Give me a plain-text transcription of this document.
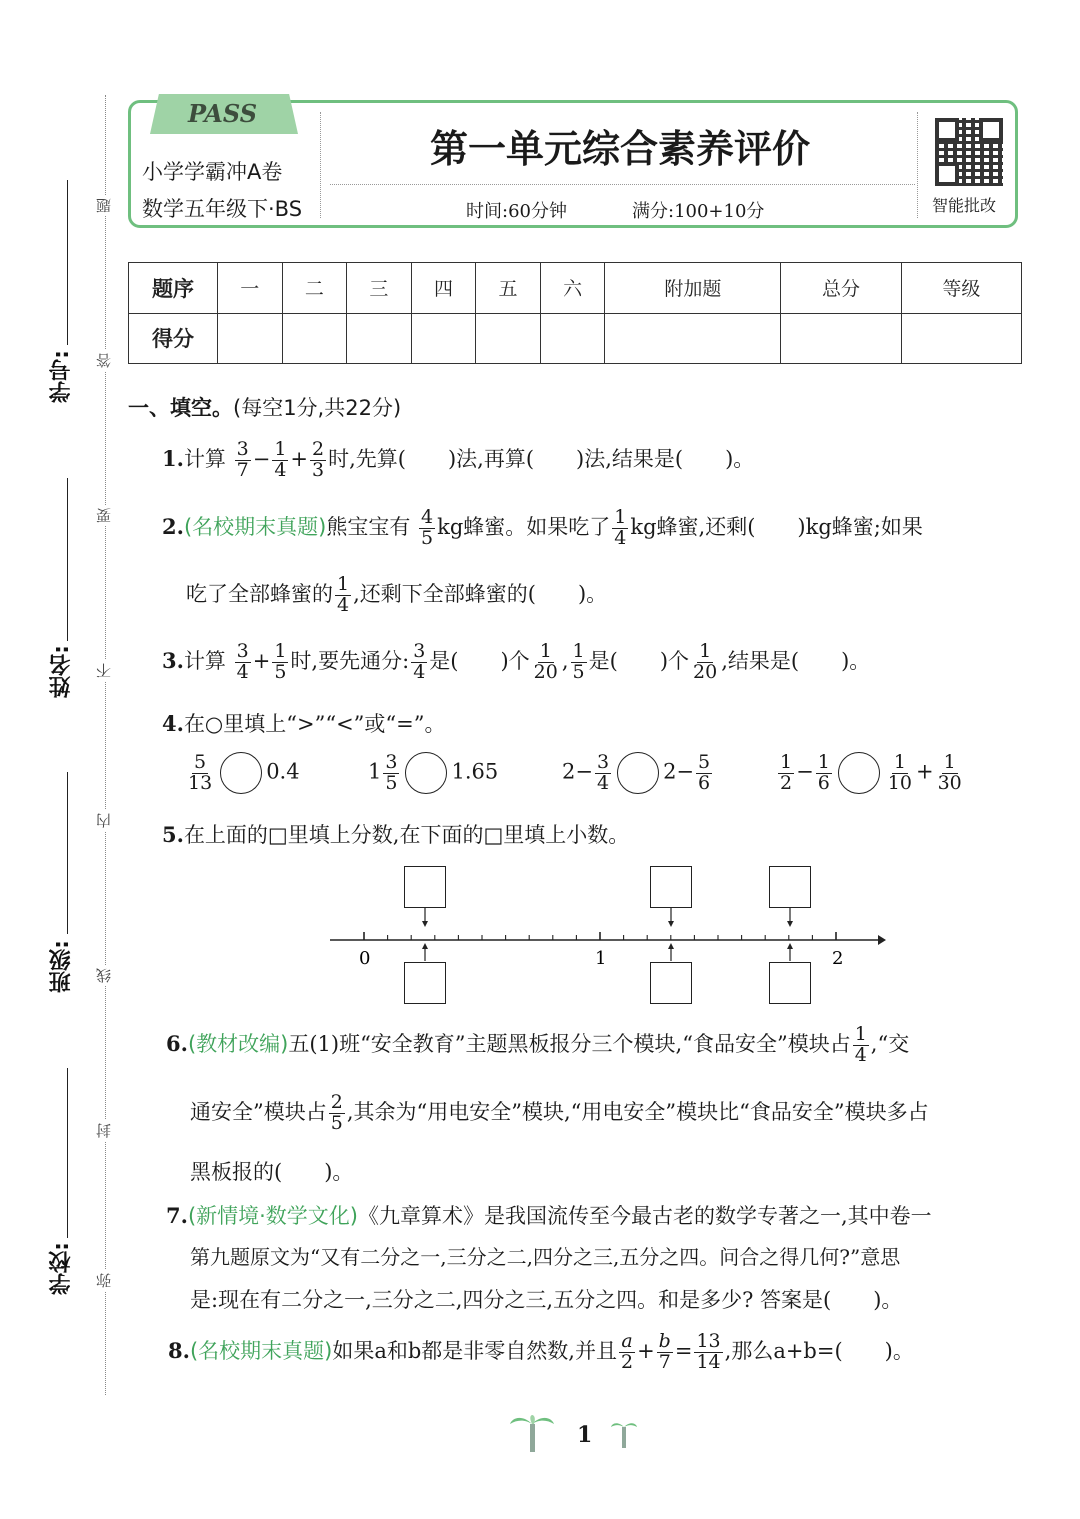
学号:
姓名:
班级:
学校:
题
答
要
不
内
线
封
弥
PASS
小学学霸冲A卷
数学五年级下·BS
第一单元综合素养评价
时间:60分钟	满分:100+10分	智能批改
题序	一	二	三	四	五	六	附加题	总分	等级
得分									
一、填空。(每空1分,共22分)
1.计算 $\frac{3}{7} - \frac{1}{4} + \frac{2}{3}$ 时,先算(　　)法,再算(　　)法,结果是(　　)。
2.(名校期末真题)熊宝宝有 $\frac{4}{5}$ kg蜂蜜。如果吃了 $\frac{1}{4}$ kg蜂蜜,还剩(　　)kg蜂蜜;如果
吃了全部蜂蜜的 $\frac{1}{4}$ ,还剩下全部蜂蜜的(　　)。
3.计算 $\frac{3}{4} + \frac{1}{5}$ 时,要先通分: $\frac{3}{4}$ 是(　　)个 $\frac{1}{20}$ , $\frac{1}{5}$ 是(　　)个 $\frac{1}{20}$ ,结果是(　　)。
4.在○里填上“>”“<”或“=”。
$\frac{5}{13} 0.4$	$1 \frac{3}{5} 1.65$	$2- \frac{3}{4} 2- \frac{5}{6}$	$\frac{1}{2} - \frac{1}{6}$	$\frac{1}{10} + \frac{1}{30}$
5.在上面的□里填上分数,在下面的□里填上小数。
0	1	2
6.(教材改编)五(1)班“安全教育”主题黑板报分三个模块,“食品安全”模块占 $\frac{1}{4}$ ,“交
通安全”模块占 $\frac{2}{5}$ ,其余为“用电安全”模块,“用电安全”模块比“食品安全”模块多占
黑板报的(　　)。
7.(新情境·数学文化)《九章算术》是我国流传至今最古老的数学专著之一,其中卷一
第九题原文为“又有二分之一,三分之二,四分之三,五分之四。问合之得几何?”意思
是:现在有二分之一,三分之二,四分之三,五分之四。和是多少? 答案是(　　)。
8.(名校期末真题)如果a和b都是非零自然数,并且 $\frac{a}{2} + \frac{b}{7} = \frac{13}{14}$ ,那么a+b=(　　)。
1
